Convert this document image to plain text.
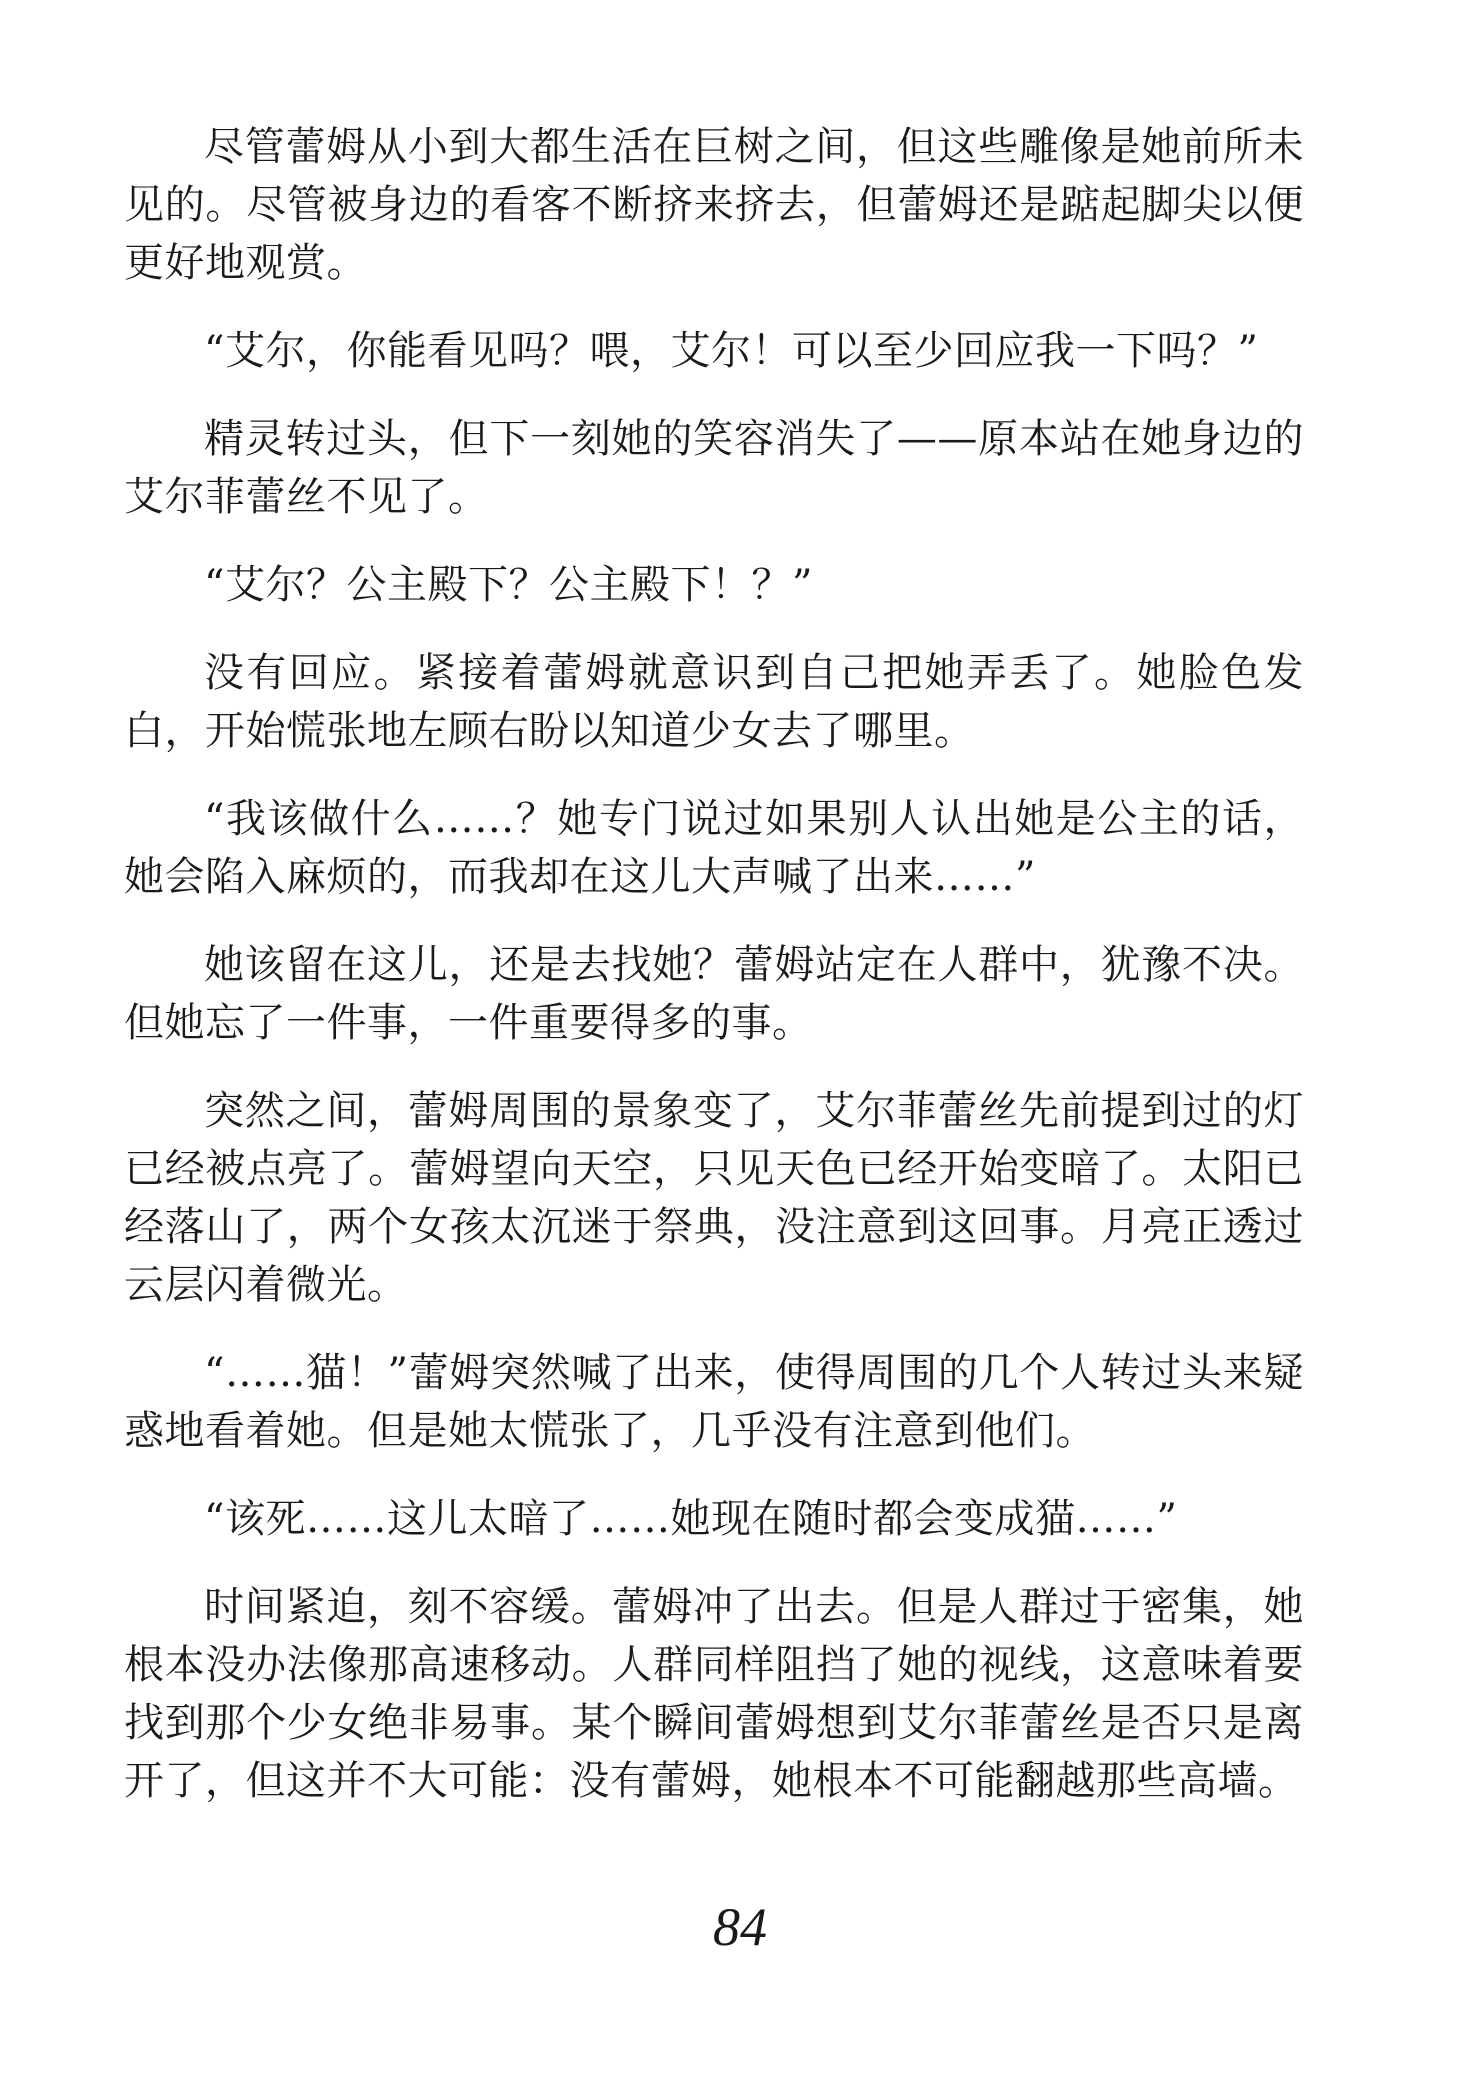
尽管蕾姆从小到大都生活在巨树之间，但这些雕像是她前所未见的。尽管被身边的看客不断挤来挤去，但蕾姆还是踮起脚尖以便更好地观赏。

“艾尔，你能看见吗？喂，艾尔！可以至少回应我一下吗？”

精灵转过头，但下一刻她的笑容消失了——原本站在她身边的艾尔菲蕾丝不见了。

“艾尔？公主殿下？公主殿下！？”

没有回应。紧接着蕾姆就意识到自己把她弄丢了。她脸色发白，开始慌张地左顾右盼以知道少女去了哪里。

“我该做什么……？她专门说过如果别人认出她是公主的话，她会陷入麻烦的，而我却在这儿大声喊了出来……”

她该留在这儿，还是去找她？蕾姆站定在人群中，犹豫不决。但她忘了一件事，一件重要得多的事。

突然之间，蕾姆周围的景象变了，艾尔菲蕾丝先前提到过的灯已经被点亮了。蕾姆望向天空，只见天色已经开始变暗了。太阳已经落山了，两个女孩太沉迷于祭典，没注意到这回事。月亮正透过云层闪着微光。

“……猫！”蕾姆突然喊了出来，使得周围的几个人转过头来疑惑地看着她。但是她太慌张了，几乎没有注意到他们。

“该死……这儿太暗了……她现在随时都会变成猫……”

时间紧迫，刻不容缓。蕾姆冲了出去。但是人群过于密集，她根本没办法像那高速移动。人群同样阻挡了她的视线，这意味着要找到那个少女绝非易事。某个瞬间蕾姆想到艾尔菲蕾丝是否只是离开了，但这并不大可能：没有蕾姆，她根本不可能翻越那些高墙。

84
